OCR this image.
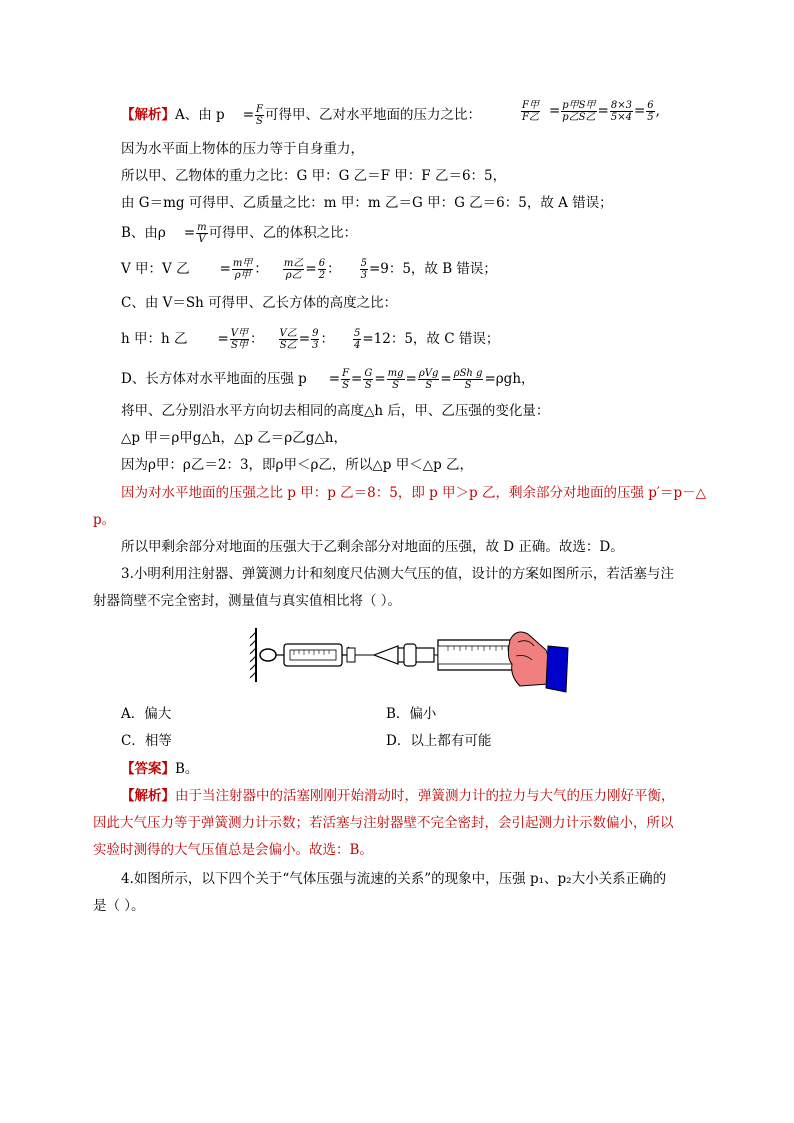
【解析】A、由 $p = \frac{F}{S}$ 可得甲、乙对水平地面的压力之比：	$\frac{\text{F甲}}{\text{F乙}} = \frac{\text{p甲S甲}}{\text{p乙S乙}} = \frac{8\times 3}{5\times 4} = \frac{6}{5}$ ,
因为水平面上物体的压力等于自身重力，
所以甲、乙物体的重力之比：G 甲：G 乙＝F 甲：F 乙＝6：5，
由 G＝mg 可得甲、乙质量之比：m 甲：m 乙＝G 甲：G 乙＝6：5，故 A 错误；
B、由$\rho = \frac{m}{V}$ 可得甲、乙的体积之比：
V 甲：V 乙 = $\frac{\text{m甲}}{\text{ρ甲}}$ ： $\frac{\text{m乙}}{\text{ρ乙}} = \frac{6}{2}$ ： $\frac{5}{3} =9$：5，故 B 错误；
C、由 V＝Sh 可得甲、乙长方体的高度之比：
h 甲：h 乙 = $\frac{\text{V甲}}{\text{S甲}}$ ： $\frac{\text{V乙}}{\text{S乙}} = \frac{9}{3}$ ： $\frac{5}{4} =12$：5，故 C 错误；
D、长方体对水平地面的压强 $p = \frac{F}{S} = \frac{G}{S} = \frac{mg}{S} = \frac{\text{ρVg}}{S} = \frac{\text{ρSh g}}{S} =\rho gh$，
将甲、乙分别沿水平方向切去相同的高度△h 后，甲、乙压强的变化量：
△p 甲＝ρ甲g△h，△p 乙＝ρ乙g△h，
因为ρ甲：ρ乙＝2：3，即ρ甲＜ρ乙，所以△p 甲＜△p 乙，
因为对水平地面的压强之比 p 甲：p 乙＝8：5，即 p 甲＞p 乙，剩余部分对地面的压强 p′＝p－△
p。
所以甲剩余部分对地面的压强大于乙剩余部分对地面的压强，故 D 正确。故选：D。
3.小明利用注射器、弹簧测力计和刻度尺估测大气压的值，设计的方案如图所示，若活塞与注
射器筒壁不完全密封，测量值与真实值相比将（ ）。
A．偏大	B．偏小
C．相等	D．以上都有可能
【答案】B。
【解析】由于当注射器中的活塞刚刚开始滑动时，弹簧测力计的拉力与大气的压力刚好平衡，
因此大气压力等于弹簧测力计示数；若活塞与注射器壁不完全密封，会引起测力计示数偏小，所以
实验时测得的大气压值总是会偏小。故选：B。
4.如图所示，以下四个关于“气体压强与流速的关系”的现象中，压强 p₁、p₂大小关系正确的
是（ ）。
